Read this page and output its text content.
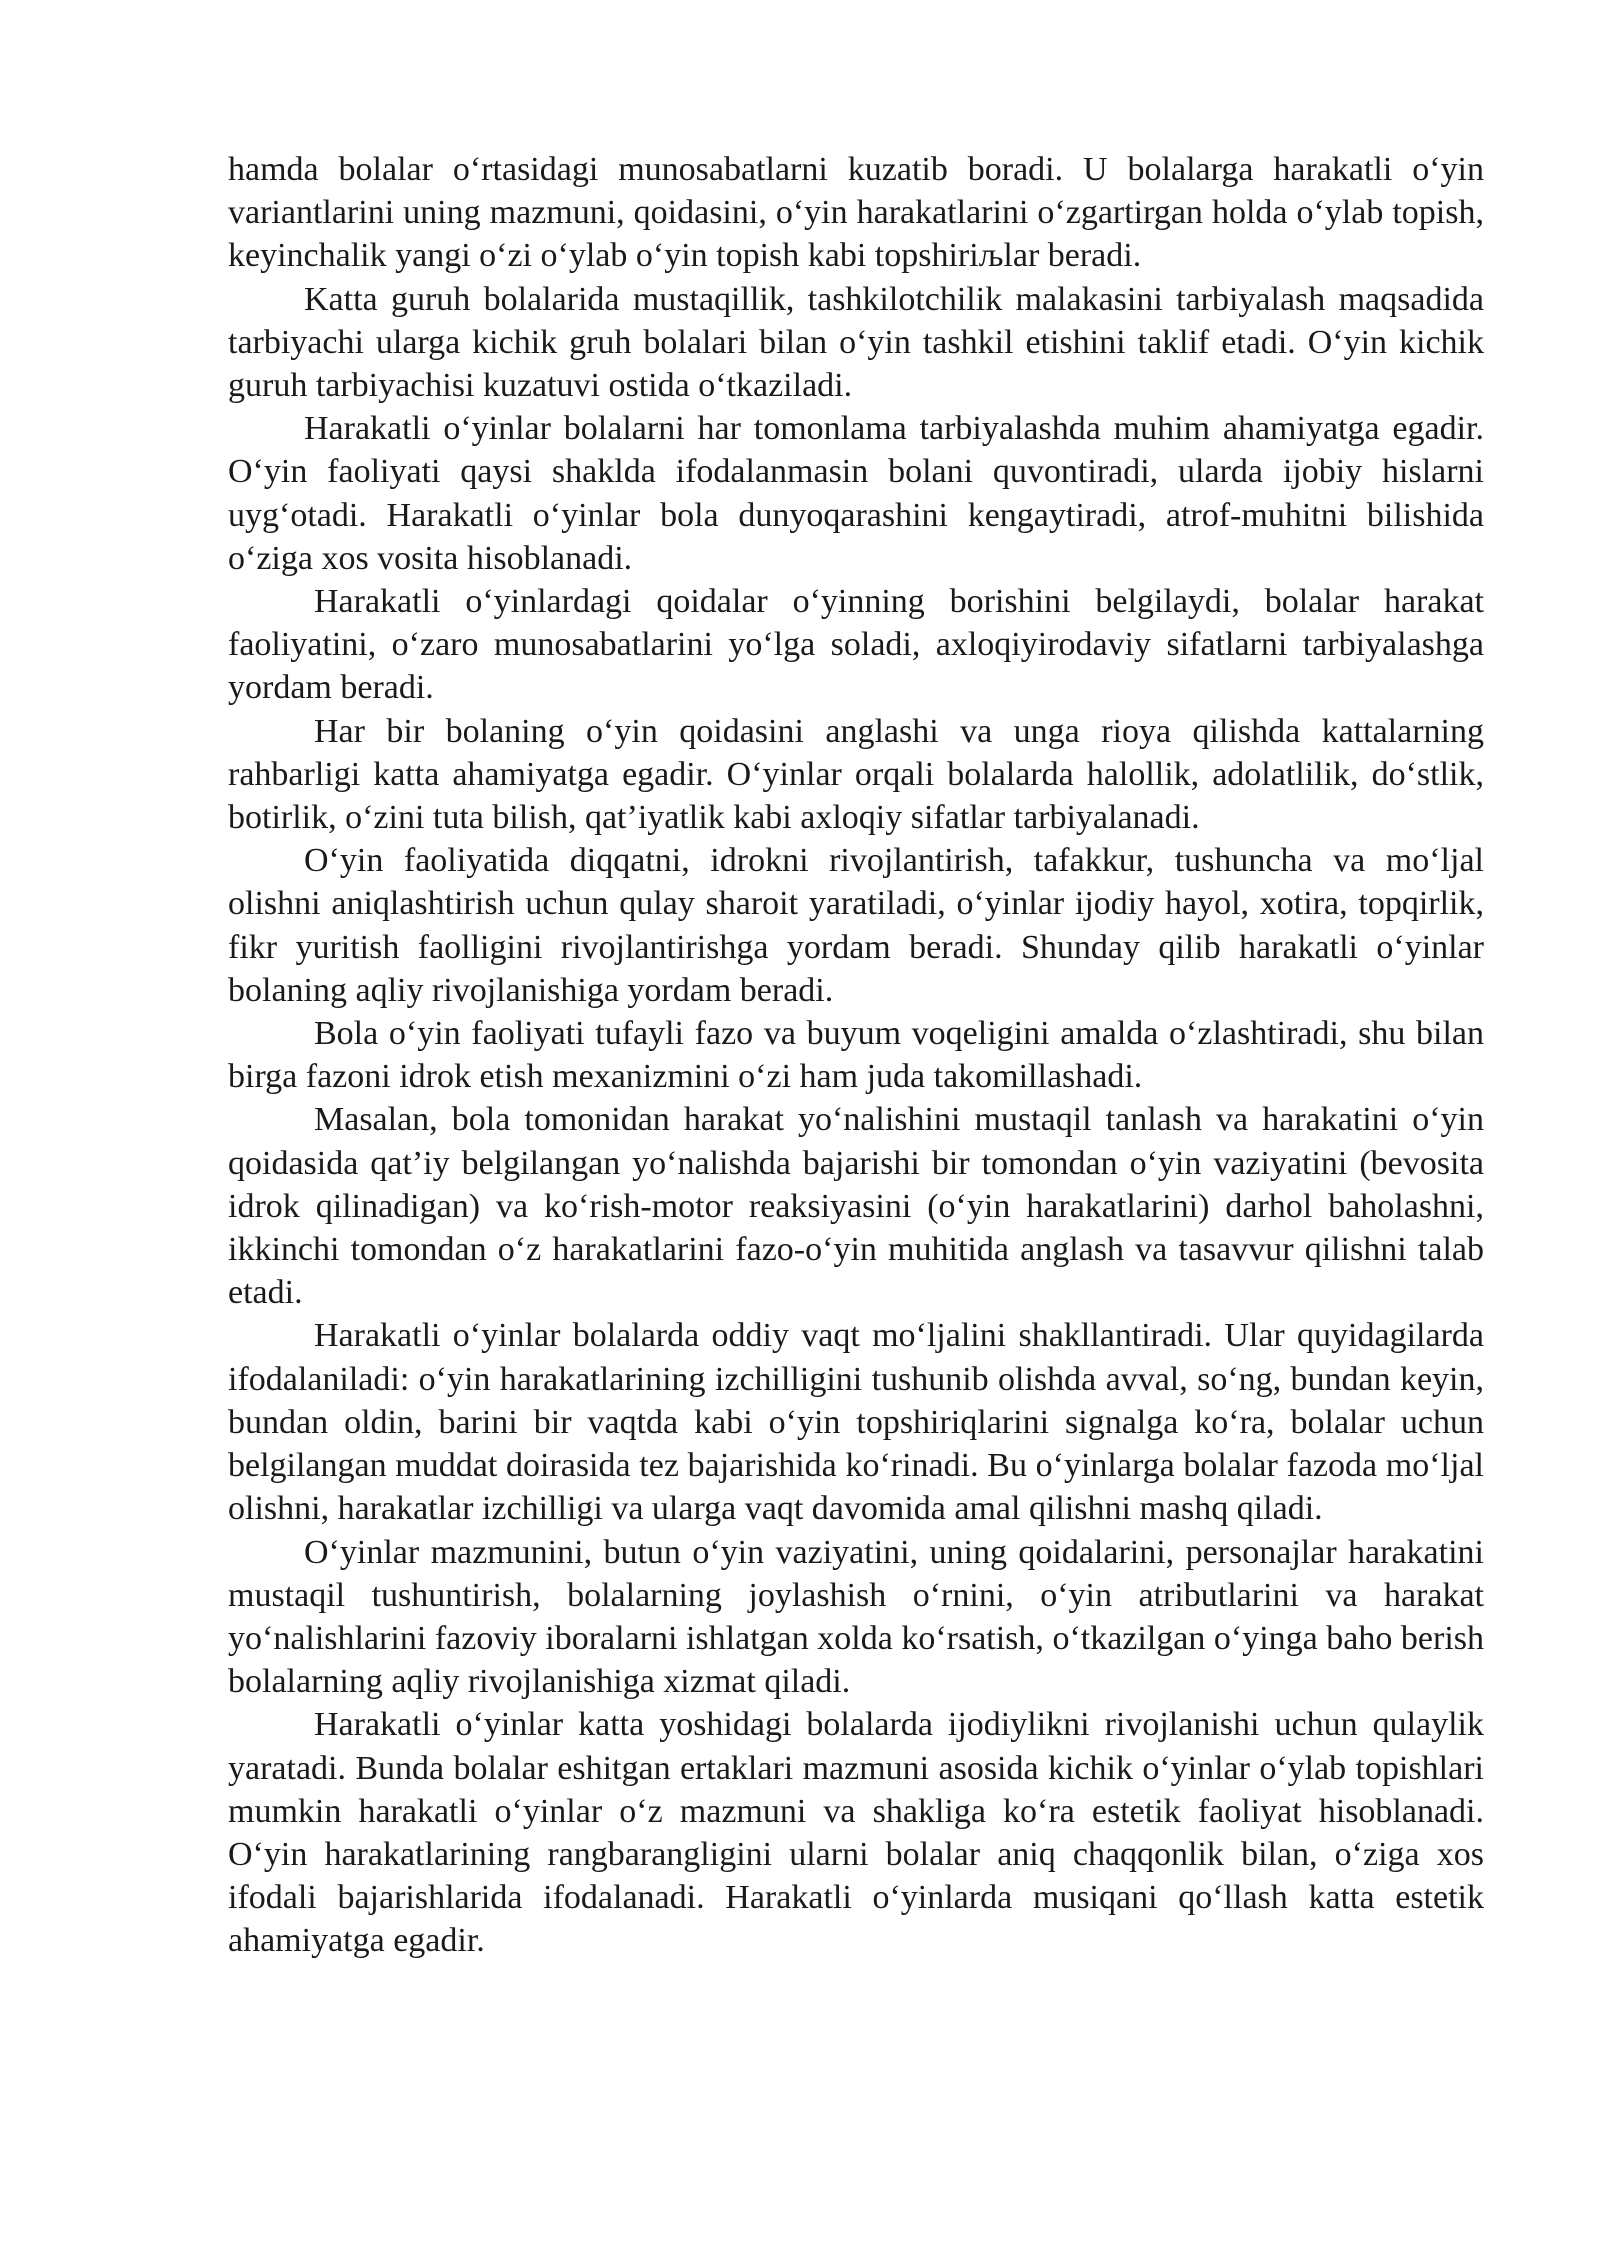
hamda bolalar o‘rtasidagi munosabatlarni kuzatib boradi. U bolalarga harakatli o‘yin variantlarini uning mazmuni, qoidasini, o‘yin harakatlarini o‘zgartirgan holda o‘ylab topish, keyinchalik yangi o‘zi o‘ylab o‘yin topish kabi topshiriљlar beradi.

Katta guruh bolalarida mustaqillik, tashkilotchilik malakasini tarbiyalash maqsadida tarbiyachi ularga kichik gruh bolalari bilan o‘yin tashkil etishini taklif etadi. O‘yin kichik guruh tarbiyachisi kuzatuvi ostida o‘tkaziladi.

Harakatli o‘yinlar bolalarni har tomonlama tarbiyalashda muhim ahamiyatga egadir. O‘yin faoliyati qaysi shaklda ifodalanmasin bolani quvontiradi, ularda ijobiy hislarni uyg‘otadi. Harakatli o‘yinlar bola dunyoqarashini kengaytiradi, atrof-muhitni bilishida o‘ziga xos vosita hisoblanadi.

Harakatli o‘yinlardagi qoidalar o‘yinning borishini belgilaydi, bolalar harakat faoliyatini, o‘zaro munosabatlarini yo‘lga soladi, axloqiyirodaviy sifatlarni tarbiyalashga yordam beradi.

Har bir bolaning o‘yin qoidasini anglashi va unga rioya qilishda kattalarning rahbarligi katta ahamiyatga egadir. O‘yinlar orqali bolalarda halollik, adolatlilik, do‘stlik, botirlik, o‘zini tuta bilish, qat’iyatlik kabi axloqiy sifatlar tarbiyalanadi.

O‘yin faoliyatida diqqatni, idrokni rivojlantirish, tafakkur, tushuncha va mo‘ljal olishni aniqlashtirish uchun qulay sharoit yaratiladi, o‘yinlar ijodiy hayol, xotira, topqirlik, fikr yuritish faolligini rivojlantirishga yordam beradi. Shunday qilib harakatli o‘yinlar bolaning aqliy rivojlanishiga yordam beradi.

Bola o‘yin faoliyati tufayli fazo va buyum voqeligini amalda o‘zlashtiradi, shu bilan birga fazoni idrok etish mexanizmini o‘zi ham juda takomillashadi.

Masalan, bola tomonidan harakat yo‘nalishini mustaqil tanlash va harakatini o‘yin qoidasida qat’iy belgilangan yo‘nalishda bajarishi bir tomondan o‘yin vaziyatini (bevosita idrok qilinadigan) va ko‘rish-motor reaksiyasini (o‘yin harakatlarini) darhol baholashni, ikkinchi tomondan o‘z harakatlarini fazo-o‘yin muhitida anglash va tasavvur qilishni talab etadi.

Harakatli o‘yinlar bolalarda oddiy vaqt mo‘ljalini shakllantiradi. Ular quyidagilarda ifodalaniladi: o‘yin harakatlarining izchilligini tushunib olishda avval, so‘ng, bundan keyin, bundan oldin, barini bir vaqtda kabi o‘yin topshiriqlarini signalga ko‘ra, bolalar uchun belgilangan muddat doirasida tez bajarishida ko‘rinadi. Bu o‘yinlarga bolalar fazoda mo‘ljal olishni, harakatlar izchilligi va ularga vaqt davomida amal qilishni mashq qiladi.

O‘yinlar mazmunini, butun o‘yin vaziyatini, uning qoidalarini, personajlar harakatini mustaqil tushuntirish, bolalarning joylashish o‘rnini, o‘yin atributlarini va harakat yo‘nalishlarini fazoviy iboralarni ishlatgan xolda ko‘rsatish, o‘tkazilgan o‘yinga baho berish bolalarning aqliy rivojlanishiga xizmat qiladi.

Harakatli o‘yinlar katta yoshidagi bolalarda ijodiylikni rivojlanishi uchun qulaylik yaratadi. Bunda bolalar eshitgan ertaklari mazmuni asosida kichik o‘yinlar o‘ylab topishlari mumkin harakatli o‘yinlar o‘z mazmuni va shakliga ko‘ra estetik faoliyat hisoblanadi. O‘yin harakatlarining rangbarangligini ularni bolalar aniq chaqqonlik bilan, o‘ziga xos ifodali bajarishlarida ifodalanadi. Harakatli o‘yinlarda musiqani qo‘llash katta estetik ahamiyatga egadir.
